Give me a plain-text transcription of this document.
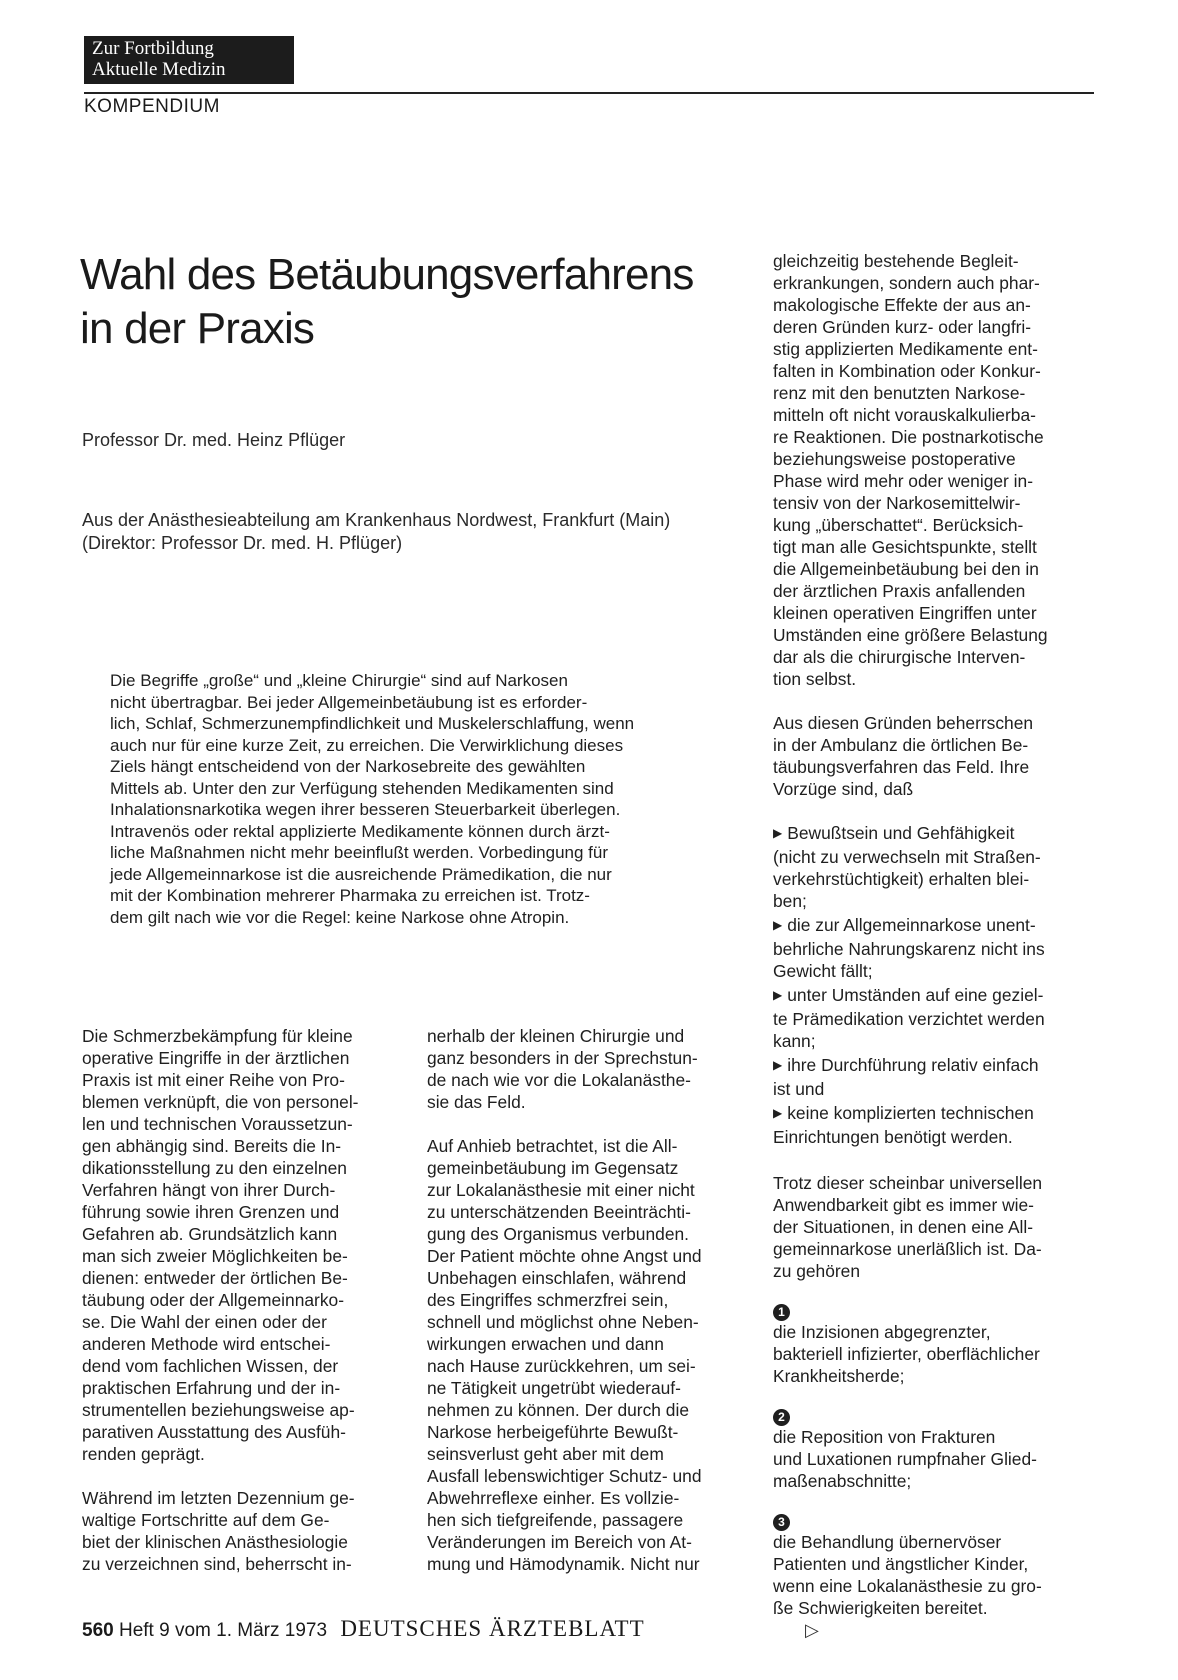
Zur Fortbildung
Aktuelle Medizin
KOMPENDIUM
Wahl des Betäubungsverfahrens
in der Praxis
Professor Dr. med. Heinz Pflüger
Aus der Anästhesieabteilung am Krankenhaus Nordwest, Frankfurt (Main)
(Direktor: Professor Dr. med. H. Pflüger)
Die Begriffe „große“ und „kleine Chirurgie“ sind auf Narkosen
nicht übertragbar. Bei jeder Allgemeinbetäubung ist es erforder-
lich, Schlaf, Schmerzunempfindlichkeit und Muskelerschlaffung, wenn
auch nur für eine kurze Zeit, zu erreichen. Die Verwirklichung dieses
Ziels hängt entscheidend von der Narkosebreite des gewählten
Mittels ab. Unter den zur Verfügung stehenden Medikamenten sind
Inhalationsnarkotika wegen ihrer besseren Steuerbarkeit überlegen.
Intravenös oder rektal applizierte Medikamente können durch ärzt-
liche Maßnahmen nicht mehr beeinflußt werden. Vorbedingung für
jede Allgemeinnarkose ist die ausreichende Prämedikation, die nur
mit der Kombination mehrerer Pharmaka zu erreichen ist. Trotz-
dem gilt nach wie vor die Regel: keine Narkose ohne Atropin.

Die Schmerzbekämpfung für kleine
operative Eingriffe in der ärztlichen
Praxis ist mit einer Reihe von Pro-
blemen verknüpft, die von personel-
len und technischen Voraussetzun-
gen abhängig sind. Bereits die In-
dikationsstellung zu den einzelnen
Verfahren hängt von ihrer Durch-
führung sowie ihren Grenzen und
Gefahren ab. Grundsätzlich kann
man sich zweier Möglichkeiten be-
dienen: entweder der örtlichen Be-
täubung oder der Allgemeinnarko-
se. Die Wahl der einen oder der
anderen Methode wird entschei-
dend vom fachlichen Wissen, der
praktischen Erfahrung und der in-
strumentellen beziehungsweise ap-
parativen Ausstattung des Ausfüh-
renden geprägt.

Während im letzten Dezennium ge-
waltige Fortschritte auf dem Ge-
biet der klinischen Anästhesiologie
zu verzeichnen sind, beherrscht in-

nerhalb der kleinen Chirurgie und
ganz besonders in der Sprechstun-
de nach wie vor die Lokalanästhe-
sie das Feld.

Auf Anhieb betrachtet, ist die All-
gemeinbetäubung im Gegensatz
zur Lokalanästhesie mit einer nicht
zu unterschätzenden Beeinträchti-
gung des Organismus verbunden.
Der Patient möchte ohne Angst und
Unbehagen einschlafen, während
des Eingriffes schmerzfrei sein,
schnell und möglichst ohne Neben-
wirkungen erwachen und dann
nach Hause zurückkehren, um sei-
ne Tätigkeit ungetrübt wiederauf-
nehmen zu können. Der durch die
Narkose herbeigeführte Bewußt-
seinsverlust geht aber mit dem
Ausfall lebenswichtiger Schutz- und
Abwehrreflexe einher. Es vollzie-
hen sich tiefgreifende, passagere
Veränderungen im Bereich von At-
mung und Hämodynamik. Nicht nur

gleichzeitig bestehende Begleit-
erkrankungen, sondern auch phar-
makologische Effekte der aus an-
deren Gründen kurz- oder langfri-
stig applizierten Medikamente ent-
falten in Kombination oder Konkur-
renz mit den benutzten Narkose-
mitteln oft nicht vorauskalkulierba-
re Reaktionen. Die postnarkotische
beziehungsweise postoperative
Phase wird mehr oder weniger in-
tensiv von der Narkosemittelwir-
kung „überschattet“. Berücksich-
tigt man alle Gesichtspunkte, stellt
die Allgemeinbetäubung bei den in
der ärztlichen Praxis anfallenden
kleinen operativen Eingriffen unter
Umständen eine größere Belastung
dar als die chirurgische Interven-
tion selbst.

Aus diesen Gründen beherrschen
in der Ambulanz die örtlichen Be-
täubungsverfahren das Feld. Ihre
Vorzüge sind, daß

▶ Bewußtsein und Gehfähigkeit
(nicht zu verwechseln mit Straßen-
verkehrstüchtigkeit) erhalten blei-
ben;
▶ die zur Allgemeinnarkose unent-
behrliche Nahrungskarenz nicht ins
Gewicht fällt;
▶ unter Umständen auf eine geziel-
te Prämedikation verzichtet werden
kann;
▶ ihre Durchführung relativ einfach
ist und
▶ keine komplizierten technischen
Einrichtungen benötigt werden.

Trotz dieser scheinbar universellen
Anwendbarkeit gibt es immer wie-
der Situationen, in denen eine All-
gemeinnarkose unerläßlich ist. Da-
zu gehören

1
die Inzisionen abgegrenzter,
bakteriell infizierter, oberflächlicher
Krankheitsherde;
2
die Reposition von Frakturen
und Luxationen rumpfnaher Glied-
maßenabschnitte;
3
die Behandlung übernervöser
Patienten und ängstlicher Kinder,
wenn eine Lokalanästhesie zu gro-
ße Schwierigkeiten bereitet.
▷
560 Heft 9 vom 1. März 1973 DEUTSCHES ÄRZTEBLATT
